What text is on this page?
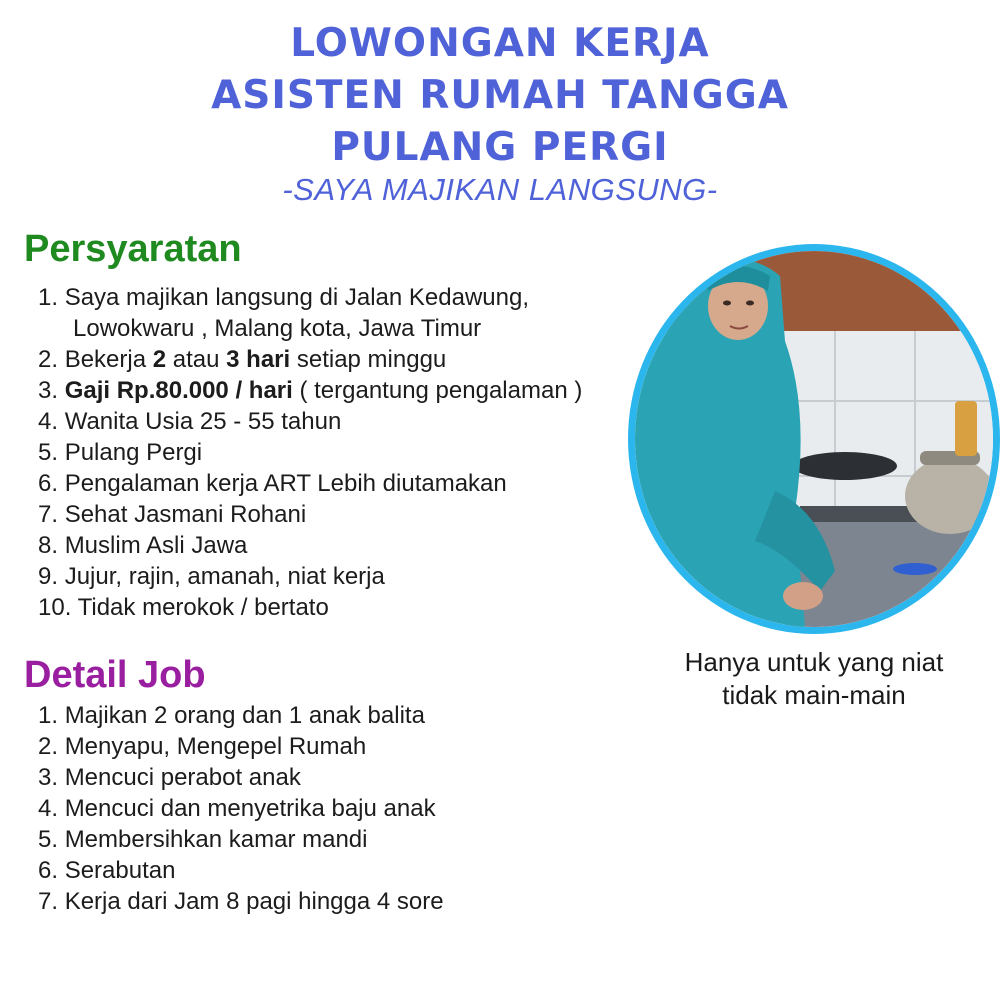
LOWONGAN KERJA
ASISTEN RUMAH TANGGA
PULANG PERGI
-SAYA MAJIKAN LANGSUNG-
Persyaratan
1. Saya majikan langsung di Jalan Kedawung,
Lowokwaru , Malang kota, Jawa Timur
2. Bekerja 2 atau 3 hari setiap minggu
3. Gaji Rp.80.000 / hari ( tergantung pengalaman )
4. Wanita Usia 25 - 55 tahun
5. Pulang Pergi
6. Pengalaman kerja ART Lebih diutamakan
7. Sehat Jasmani Rohani
8. Muslim Asli Jawa
9. Jujur, rajin, amanah, niat kerja
10. Tidak merokok / bertato
Detail Job
1. Majikan 2 orang dan 1 anak balita
2. Menyapu, Mengepel Rumah
3. Mencuci perabot anak
4. Mencuci dan menyetrika baju anak
5. Membersihkan kamar mandi
6. Serabutan
7. Kerja dari Jam 8 pagi hingga 4 sore
Hanya untuk yang niat
tidak main-main
